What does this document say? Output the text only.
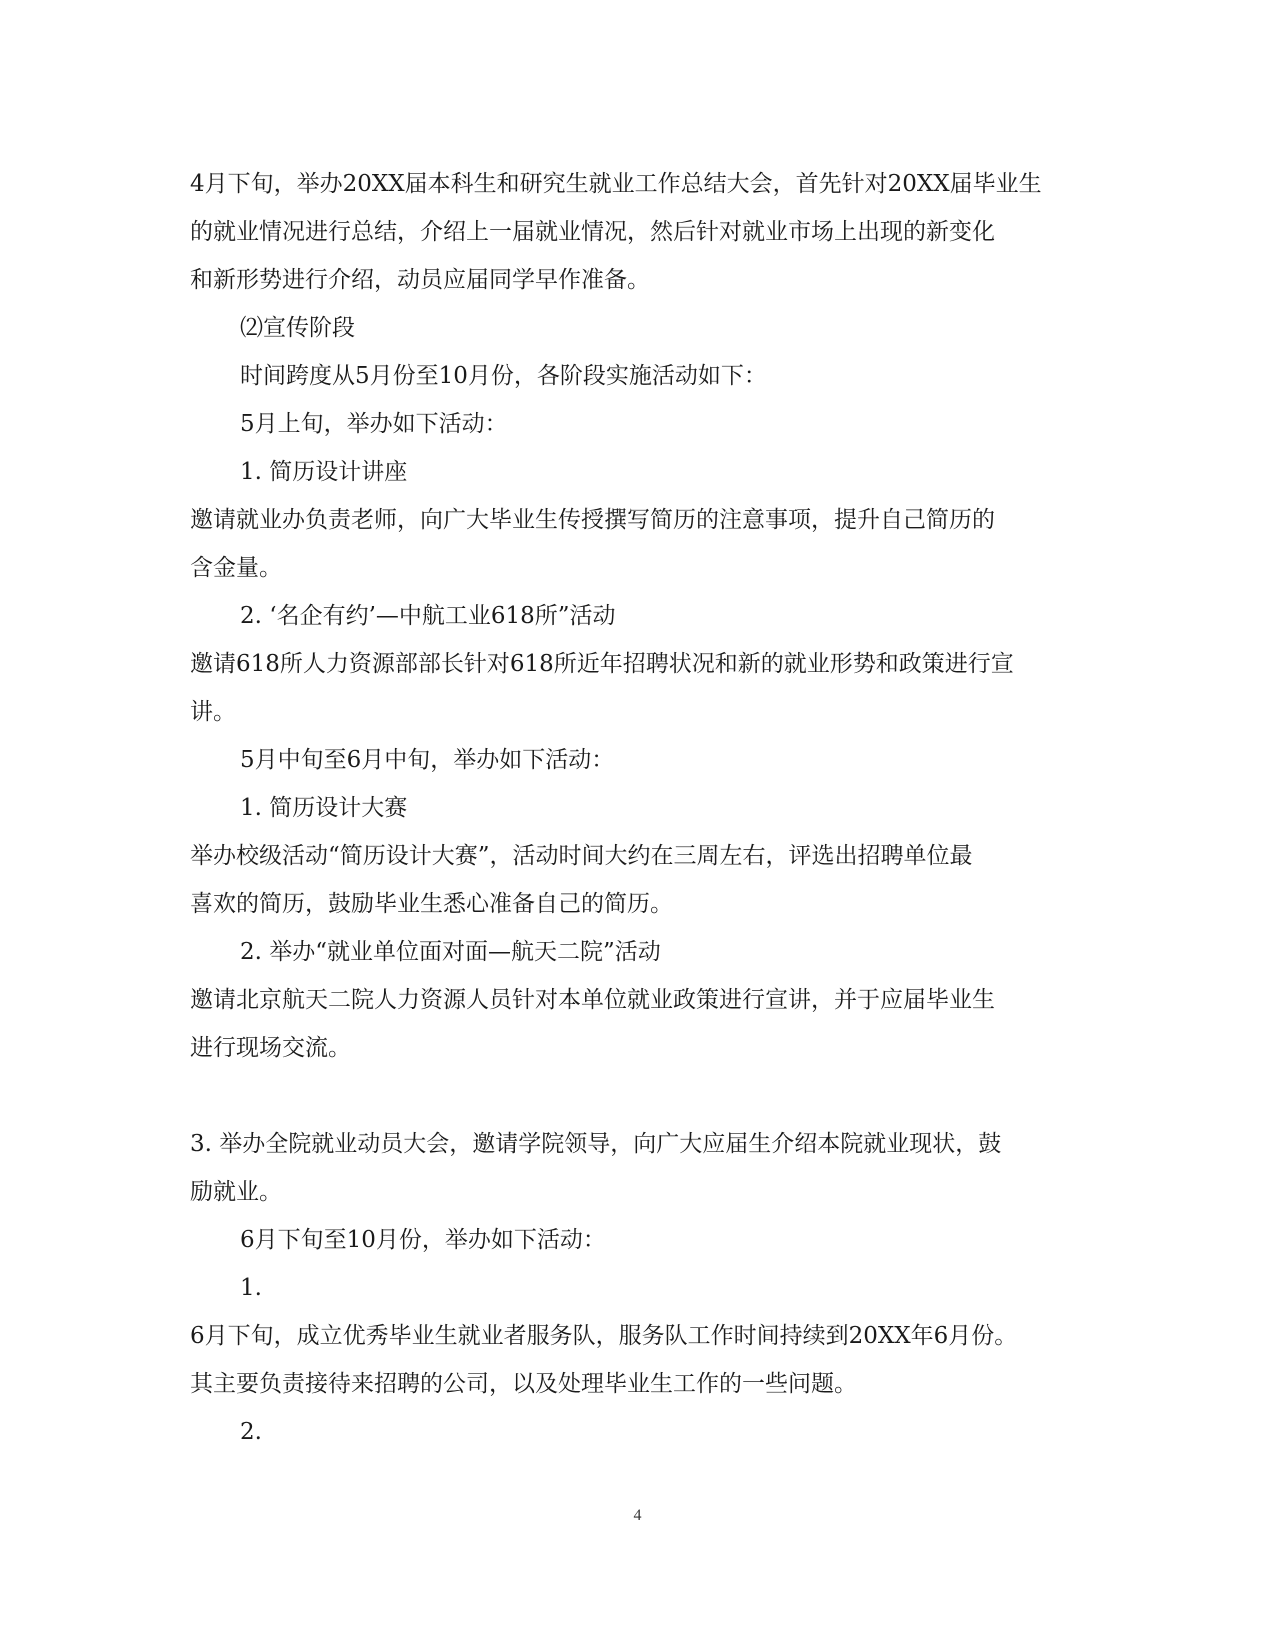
4月下旬，举办20XX届本科生和研究生就业工作总结大会，首先针对20XX届毕业生
的就业情况进行总结，介绍上一届就业情况，然后针对就业市场上出现的新变化
和新形势进行介绍，动员应届同学早作准备。
⑵宣传阶段
时间跨度从5月份至10月份，各阶段实施活动如下：
5月上旬，举办如下活动：
1. 简历设计讲座
邀请就业办负责老师，向广大毕业生传授撰写简历的注意事项，提升自己简历的
含金量。
2. ‘名企有约’—中航工业618所”活动
邀请618所人力资源部部长针对618所近年招聘状况和新的就业形势和政策进行宣
讲。
5月中旬至6月中旬，举办如下活动：
1. 简历设计大赛
举办校级活动“简历设计大赛”，活动时间大约在三周左右，评选出招聘单位最
喜欢的简历，鼓励毕业生悉心准备自己的简历。
2. 举办“就业单位面对面—航天二院”活动
邀请北京航天二院人力资源人员针对本单位就业政策进行宣讲，并于应届毕业生
进行现场交流。
3. 举办全院就业动员大会，邀请学院领导，向广大应届生介绍本院就业现状，鼓
励就业。
6月下旬至10月份，举办如下活动：
1.
6月下旬，成立优秀毕业生就业者服务队，服务队工作时间持续到20XX年6月份。
其主要负责接待来招聘的公司，以及处理毕业生工作的一些问题。
2.
4
